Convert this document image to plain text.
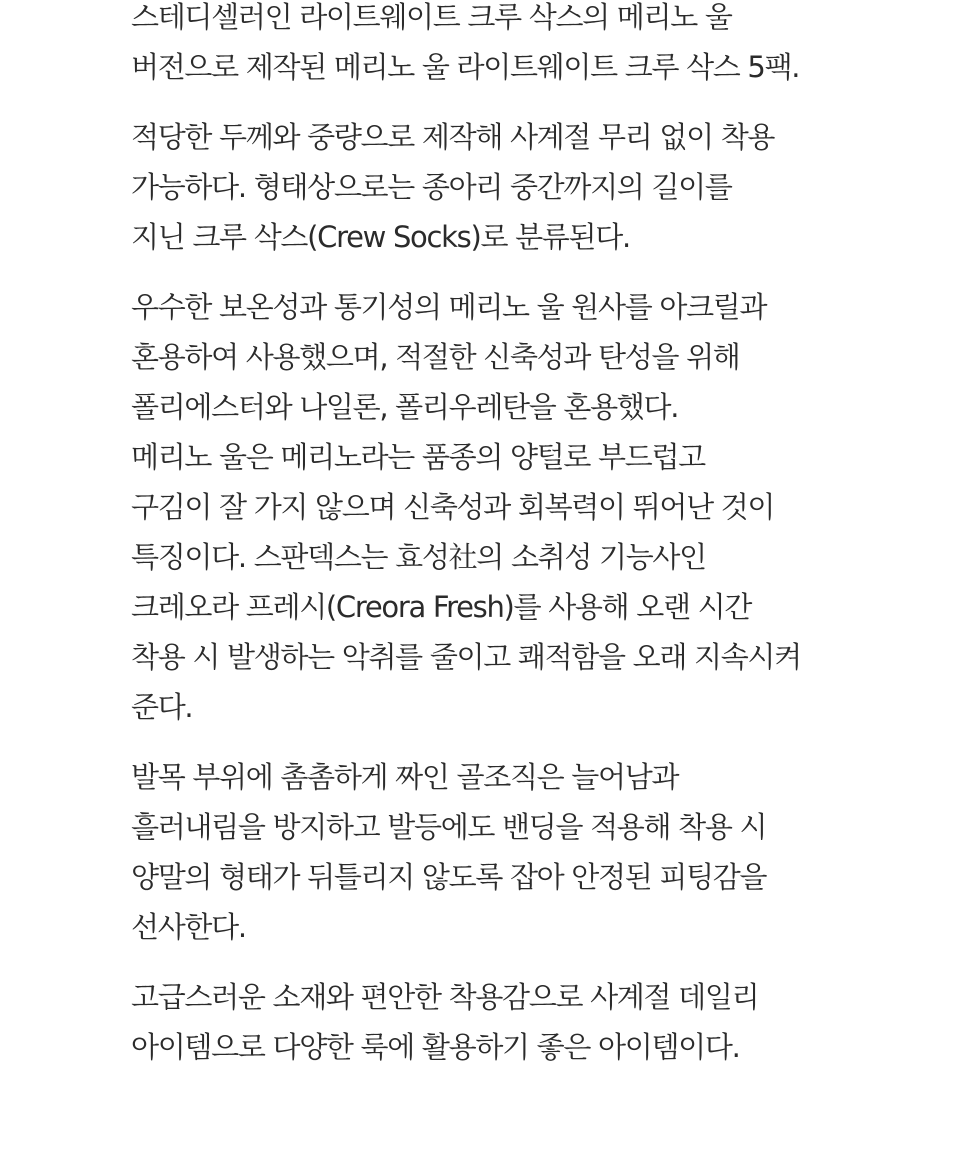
스테디셀러인 라이트웨이트 크루 삭스의 메리노 울
버전으로 제작된 메리노 울 라이트웨이트 크루 삭스 5팩.

적당한 두께와 중량으로 제작해 사계절 무리 없이 착용
가능하다. 형태상으로는 종아리 중간까지의 길이를
지닌 크루 삭스(Crew Socks)로 분류된다.

우수한 보온성과 통기성의 메리노 울 원사를 아크릴과
혼용하여 사용했으며, 적절한 신축성과 탄성을 위해
폴리에스터와 나일론, 폴리우레탄을 혼용했다.
메리노 울은 메리노라는 품종의 양털로 부드럽고
구김이 잘 가지 않으며 신축성과 회복력이 뛰어난 것이
특징이다. 스판덱스는 효성社의 소취성 기능사인
크레오라 프레시(Creora Fresh)를 사용해 오랜 시간
착용 시 발생하는 악취를 줄이고 쾌적함을 오래 지속시켜
준다.

발목 부위에 촘촘하게 짜인 골조직은 늘어남과
흘러내림을 방지하고 발등에도 밴딩을 적용해 착용 시
양말의 형태가 뒤틀리지 않도록 잡아 안정된 피팅감을
선사한다.

고급스러운 소재와 편안한 착용감으로 사계절 데일리
아이템으로 다양한 룩에 활용하기 좋은 아이템이다.
